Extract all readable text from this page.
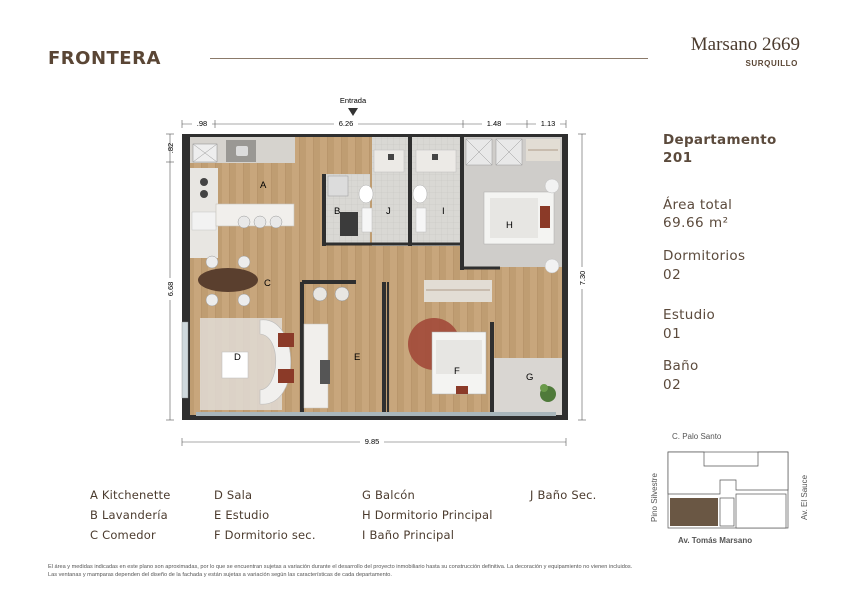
FRONTERA
Marsano 2669
SURQUILLO
Departamento
201
Área total
69.66 m²
Dormitorios
02
Estudio
01
Baño
02
Entrada
.98	6.26	1.48	1.13
.82
6.68
7.30
9.85
A
B
C
D	E
F
G
H
I
J
A Kitchenette
B Lavandería
C Comedor
D Sala
E Estudio
F Dormitorio sec.
G Balcón
H Dormitorio Principal
I Baño Principal
J Baño Sec.
C. Palo Santo
Pino Silvestre	Av. El Sauce
Av. Tomás Marsano
El área y medidas indicadas en este plano son aproximadas, por lo que se encuentran sujetas a variación durante el desarrollo del proyecto inmobiliario hasta su construcción definitiva. La decoración y equipamiento no vienen incluidos.
Las ventanas y mamparas dependen del diseño de la fachada y están sujetas a variación según las características de cada departamento.
